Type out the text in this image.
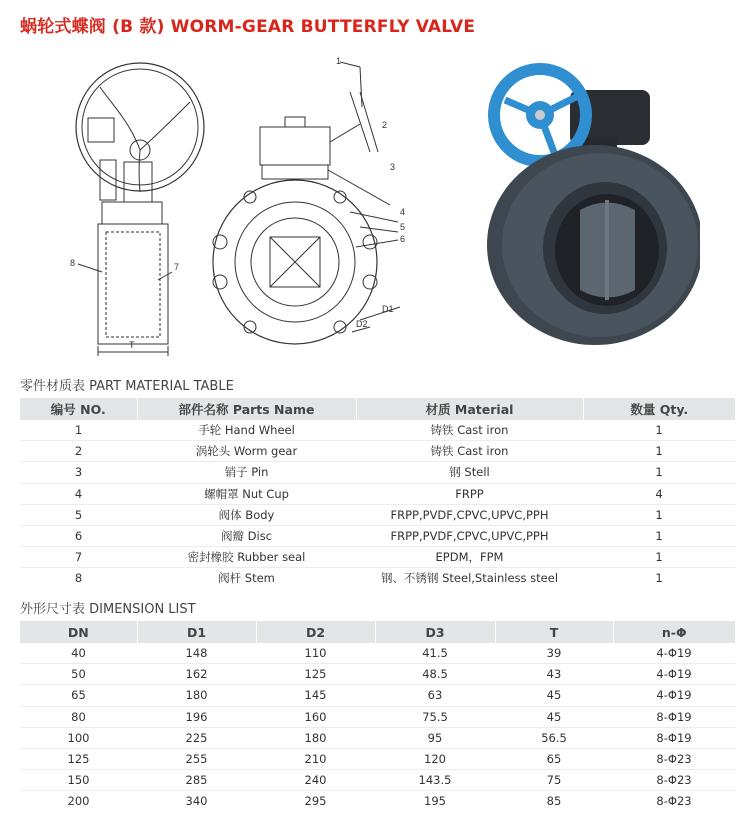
蜗轮式蝶阀 (B 款) WORM-GEAR BUTTERFLY VALVE
T
8	7
1
2
3
4
5
6
D1
D2
零件材质表 PART MATERIAL TABLE
编号 NO.	部件名称 Parts Name	材质 Material	数量 Qty.
1	手轮 Hand Wheel	铸铁 Cast iron	1
2	涡轮头 Worm gear	铸铁 Cast iron	1
3	销子 Pin	钢 Stell	1
4	螺帽罩 Nut Cup	FRPP	4
5	阀体 Body	FRPP,PVDF,CPVC,UPVC,PPH	1
6	阀瓣 Disc	FRPP,PVDF,CPVC,UPVC,PPH	1
7	密封橡胶 Rubber seal	EPDM，FPM	1
8	阀杆 Stem	钢、不锈钢 Steel,Stainless steel	1
外形尺寸表 DIMENSION LIST
DN	D1	D2	D3	T	n-Φ
40	148	110	41.5	39	4-Φ19
50	162	125	48.5	43	4-Φ19
65	180	145	63	45	4-Φ19
80	196	160	75.5	45	8-Φ19
100	225	180	95	56.5	8-Φ19
125	255	210	120	65	8-Φ23
150	285	240	143.5	75	8-Φ23
200	340	295	195	85	8-Φ23
